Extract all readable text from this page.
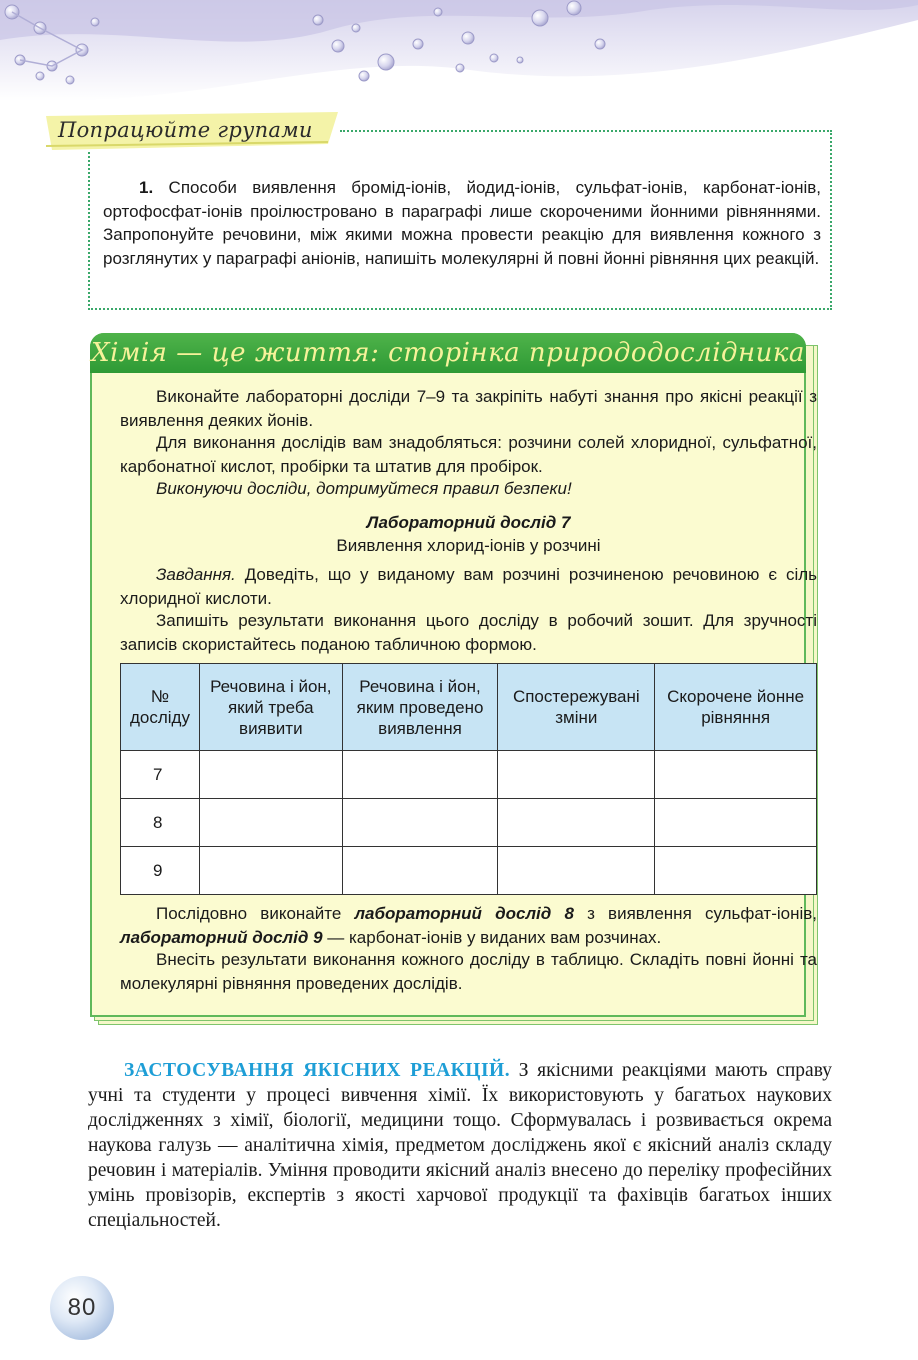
Попрацюйте групами
1. Способи виявлення бромід-іонів, йодид-іонів, сульфат-іонів, карбонат-іонів, ортофосфат-іонів проілюстровано в параграфі лише скороченими йонними рівняннями. Запропонуйте речовини, між якими можна провести реакцію для виявлення кожного з розглянутих у параграфі аніонів, напишіть молекулярні й повні йонні рівняння цих реакцій.
Хімія — це життя: сторінка природодослідника
Виконайте лабораторні досліди 7–9 та закріпіть набуті знання про якісні реакції з виявлення деяких йонів.
Для виконання дослідів вам знадобляться: розчини солей хлоридної, сульфатної, карбонатної кислот, пробірки та штатив для пробірок.
Виконуючи досліди, дотримуйтеся правил безпеки!
Лабораторний дослід 7
Виявлення хлорид-іонів у розчині
Завдання. Доведіть, що у виданому вам розчині розчиненою речовиною є сіль хлоридної кислоти.
Запишіть результати виконання цього досліду в робочий зошит. Для зручності записів скористайтесь поданою табличною формою.
№ досліду	Речовина і йон, який треба виявити	Речовина і йон, яким проведено виявлення	Спостережувані зміни	Скорочене йонне рівняння
7				
8				
9				
Послідовно виконайте лабораторний дослід 8 з виявлення сульфат-іонів, лабораторний дослід 9 — карбонат-іонів у виданих вам розчинах.
Внесіть результати виконання кожного досліду в таблицю. Складіть повні йонні та молекулярні рівняння проведених дослідів.
ЗАСТОСУВАННЯ ЯКІСНИХ РЕАКЦІЙ. З якісними реакціями мають справу учні та студенти у процесі вивчення хімії. Їх використовують у багатьох наукових дослідженнях з хімії, біології, медицини тощо. Сформувалась і розвивається окрема наукова галузь — аналітична хімія, предметом досліджень якої є якісний аналіз складу речовин і матеріалів. Уміння проводити якісний аналіз внесено до переліку професійних умінь провізорів, експертів з якості харчової продукції та фахівців багатьох інших спеціальностей.
80
